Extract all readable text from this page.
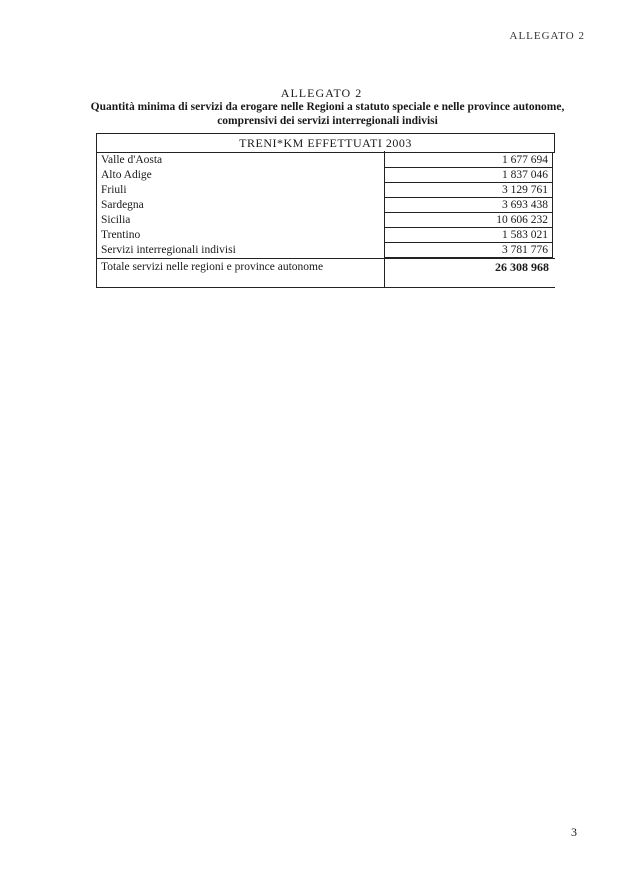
ALLEGATO 2
ALLEGATO 2
Quantità minima di servizi da erogare nelle Regioni a statuto speciale e nelle province autonome, comprensivi dei servizi interregionali indivisi
TRENI*KM EFFETTUATI 2003
Valle d'Aosta	1 677 694
Alto Adige	1 837 046
Friuli	3 129 761
Sardegna	3 693 438
Sicilia	10 606 232
Trentino	1 583 021
Servizi interregionali indivisi	3 781 776
Totale servizi nelle regioni e province autonome	26 308 968
3
